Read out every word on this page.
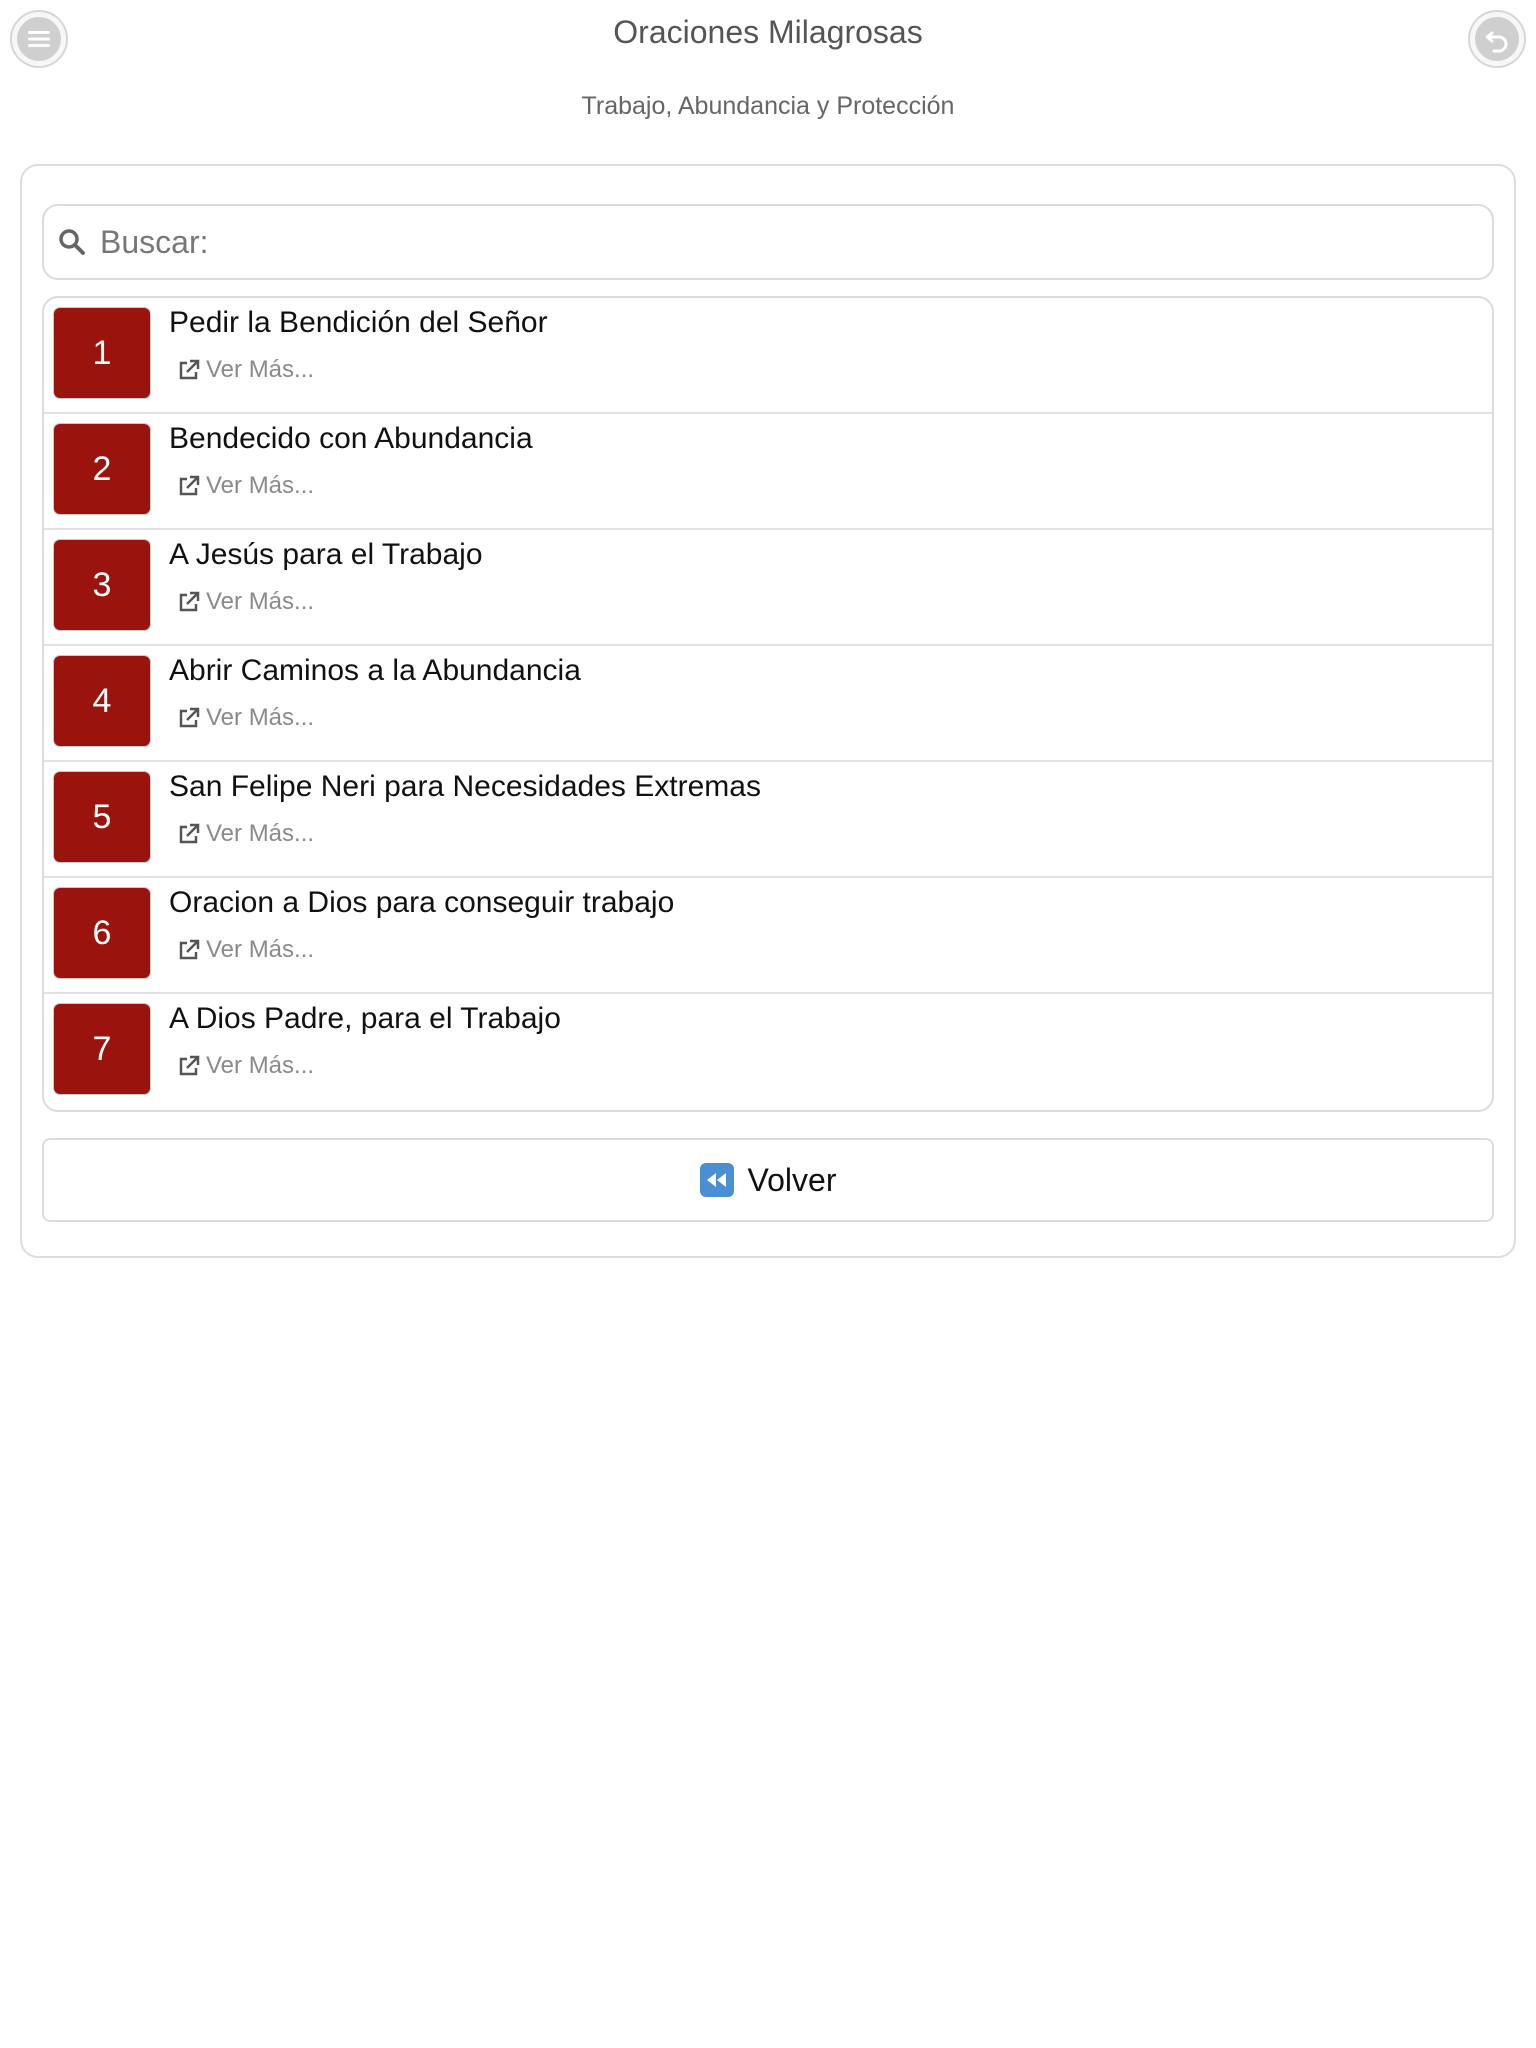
Oraciones Milagrosas
Trabajo, Abundancia y Protección
Buscar:
1
Pedir la Bendición del Señor
Ver Más...
2
Bendecido con Abundancia
Ver Más...
3
A Jesús para el Trabajo
Ver Más...
4
Abrir Caminos a la Abundancia
Ver Más...
5
San Felipe Neri para Necesidades Extremas
Ver Más...
6
Oracion a Dios para conseguir trabajo
Ver Más...
7
A Dios Padre, para el Trabajo
Ver Más...
Volver
